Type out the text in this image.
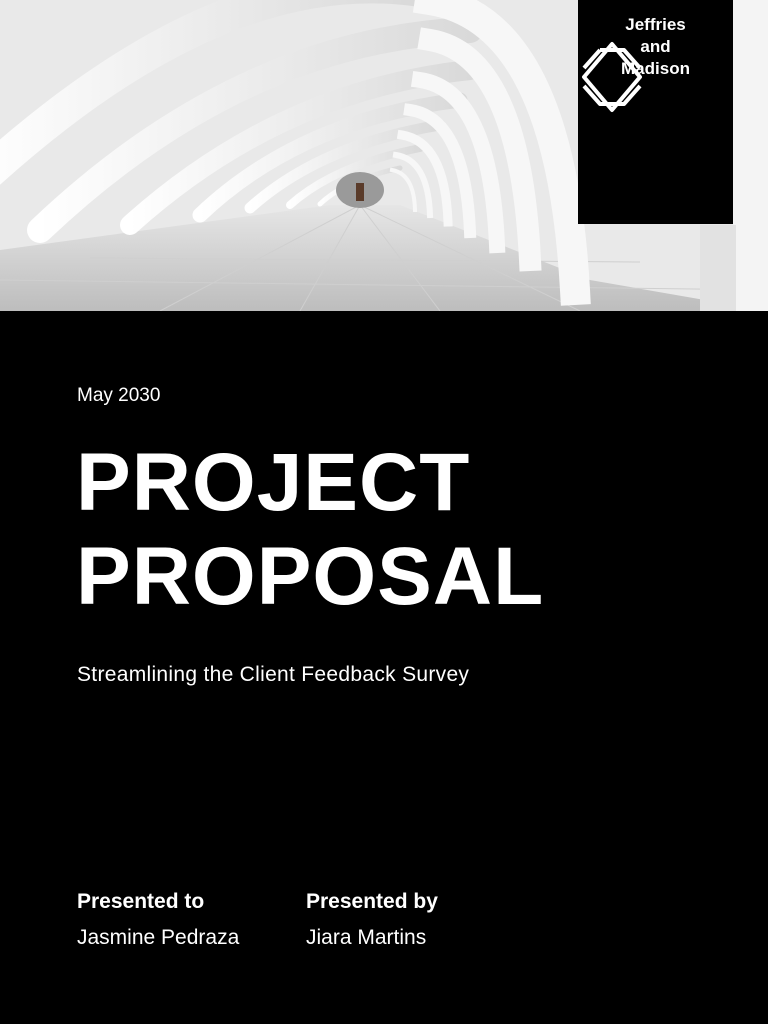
Jeffries
and
Madison
May 2030
PROJECT
PROPOSAL
Streamlining the Client Feedback Survey
Presented to
Jasmine Pedraza
Presented by
Jiara Martins
